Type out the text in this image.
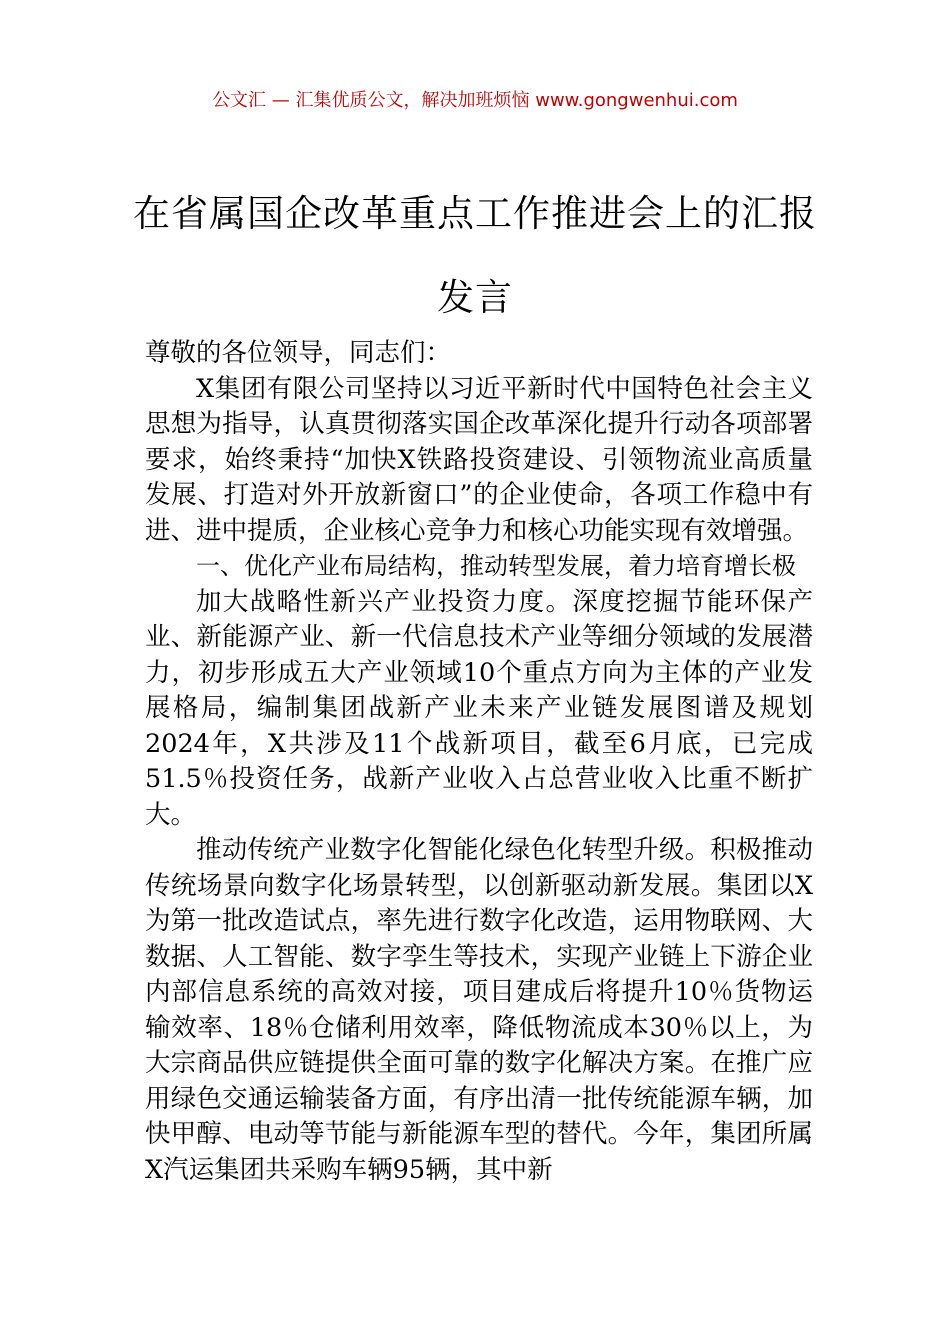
公文汇 — 汇集优质公文，解决加班烦恼 www.gongwenhui.com
在省属国企改革重点工作推进会上的汇报发言

尊敬的各位领导，同志们：

X集团有限公司坚持以习近平新时代中国特色社会主义思想为指导，认真贯彻落实国企改革深化提升行动各项部署要求，始终秉持“加快X铁路投资建设、引领物流业高质量发展、打造对外开放新窗口”的企业使命，各项工作稳中有进、进中提质，企业核心竞争力和核心功能实现有效增强。

一、优化产业布局结构，推动转型发展，着力培育增长极

加大战略性新兴产业投资力度。深度挖掘节能环保产业、新能源产业、新一代信息技术产业等细分领域的发展潜力，初步形成五大产业领域10个重点方向为主体的产业发展格局，编制集团战新产业未来产业链发展图谱及规划2024年，X共涉及11个战新项目，截至6月底，已完成51.5％投资任务，战新产业收入占总营业收入比重不断扩大。

推动传统产业数字化智能化绿色化转型升级。积极推动传统场景向数字化场景转型，以创新驱动新发展。集团以X为第一批改造试点，率先进行数字化改造，运用物联网、大数据、人工智能、数字孪生等技术，实现产业链上下游企业内部信息系统的高效对接，项目建成后将提升10％货物运输效率、18％仓储利用效率，降低物流成本30％以上，为大宗商品供应链提供全面可靠的数字化解决方案。在推广应用绿色交通运输装备方面，有序出清一批传统能源车辆，加快甲醇、电动等节能与新能源车型的替代。今年，集团所属X汽运集团共采购车辆95辆，其中新
